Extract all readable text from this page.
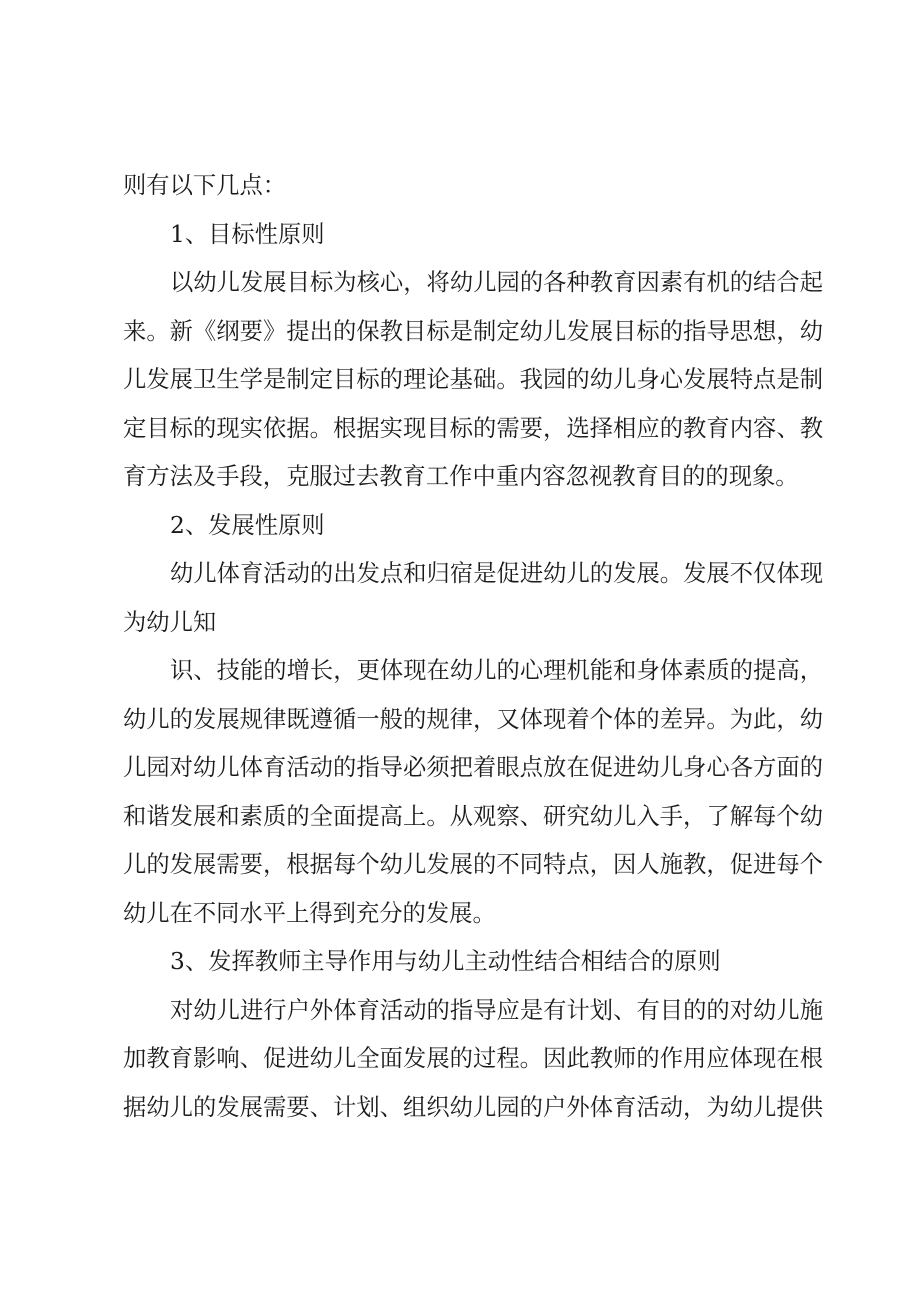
则有以下几点：
1、目标性原则
以幼儿发展目标为核心，将幼儿园的各种教育因素有机的结合起
来。新《纲要》提出的保教目标是制定幼儿发展目标的指导思想，幼
儿发展卫生学是制定目标的理论基础。我园的幼儿身心发展特点是制
定目标的现实依据。根据实现目标的需要，选择相应的教育内容、教
育方法及手段，克服过去教育工作中重内容忽视教育目的的现象。
2、发展性原则
幼儿体育活动的出发点和归宿是促进幼儿的发展。发展不仅体现
为幼儿知
识、技能的增长，更体现在幼儿的心理机能和身体素质的提高，
幼儿的发展规律既遵循一般的规律，又体现着个体的差异。为此，幼
儿园对幼儿体育活动的指导必须把着眼点放在促进幼儿身心各方面的
和谐发展和素质的全面提高上。从观察、研究幼儿入手，了解每个幼
儿的发展需要，根据每个幼儿发展的不同特点，因人施教，促进每个
幼儿在不同水平上得到充分的发展。
3、发挥教师主导作用与幼儿主动性结合相结合的原则
对幼儿进行户外体育活动的指导应是有计划、有目的的对幼儿施
加教育影响、促进幼儿全面发展的过程。因此教师的作用应体现在根
据幼儿的发展需要、计划、组织幼儿园的户外体育活动，为幼儿提供
